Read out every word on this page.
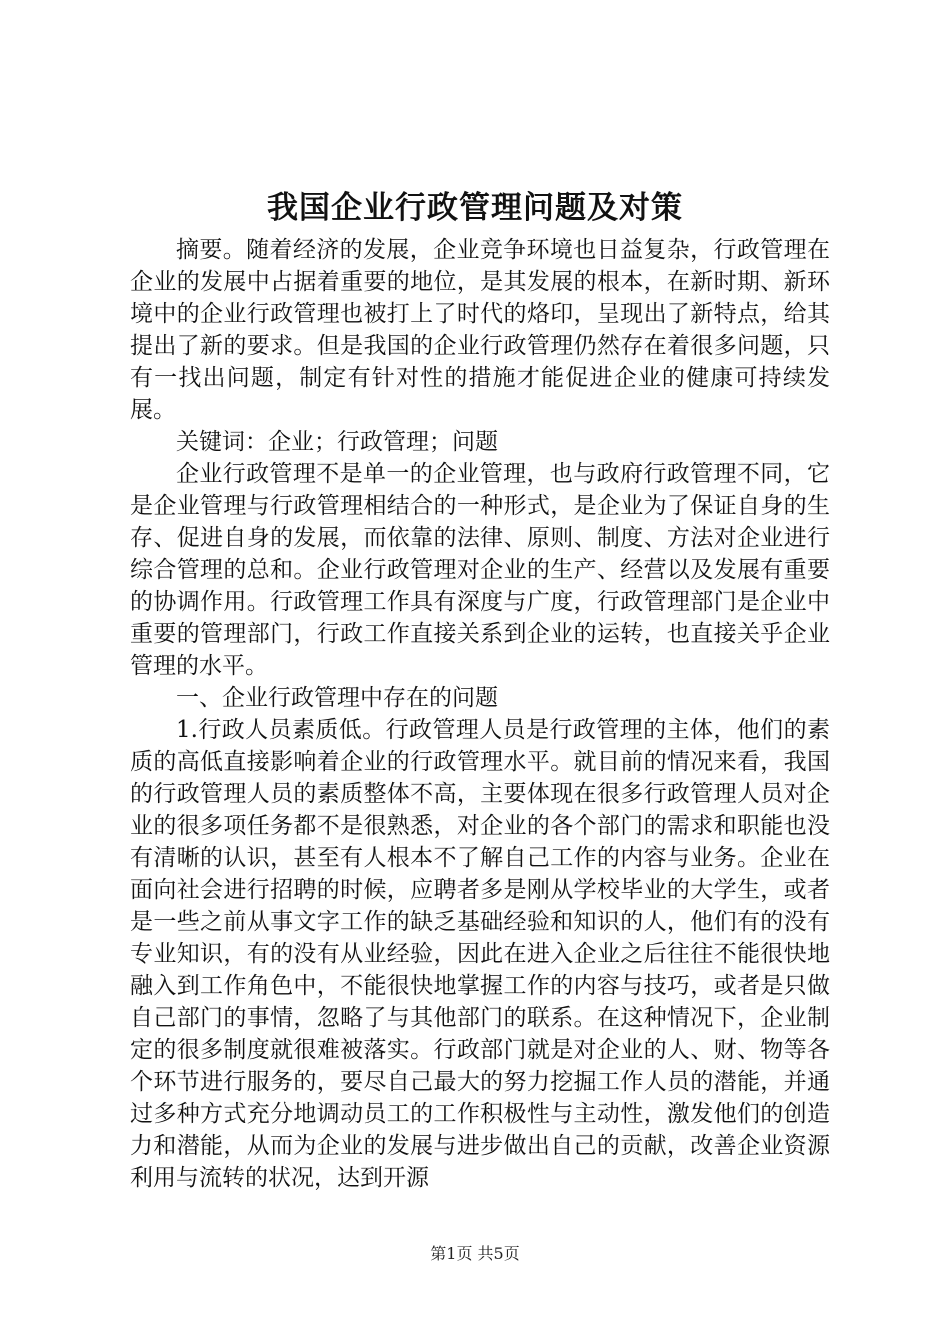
我国企业行政管理问题及对策

摘要。随着经济的发展，企业竞争环境也日益复杂，行政管理在企业的发展中占据着重要的地位，是其发展的根本，在新时期、新环境中的企业行政管理也被打上了时代的烙印，呈现出了新特点，给其提出了新的要求。但是我国的企业行政管理仍然存在着很多问题，只有一找出问题，制定有针对性的措施才能促进企业的健康可持续发展。

关键词：企业；行政管理；问题

企业行政管理不是单一的企业管理，也与政府行政管理不同，它是企业管理与行政管理相结合的一种形式，是企业为了保证自身的生存、促进自身的发展，而依靠的法律、原则、制度、方法对企业进行综合管理的总和。企业行政管理对企业的生产、经营以及发展有重要的协调作用。行政管理工作具有深度与广度，行政管理部门是企业中重要的管理部门，行政工作直接关系到企业的运转，也直接关乎企业管理的水平。

一、企业行政管理中存在的问题

1.行政人员素质低。行政管理人员是行政管理的主体，他们的素质的高低直接影响着企业的行政管理水平。就目前的情况来看，我国的行政管理人员的素质整体不高，主要体现在很多行政管理人员对企业的很多项任务都不是很熟悉，对企业的各个部门的需求和职能也没有清晰的认识，甚至有人根本不了解自己工作的内容与业务。企业在面向社会进行招聘的时候，应聘者多是刚从学校毕业的大学生，或者是一些之前从事文字工作的缺乏基础经验和知识的人，他们有的没有专业知识，有的没有从业经验，因此在进入企业之后往往不能很快地融入到工作角色中，不能很快地掌握工作的内容与技巧，或者是只做自己部门的事情，忽略了与其他部门的联系。在这种情况下，企业制定的很多制度就很难被落实。行政部门就是对企业的人、财、物等各个环节进行服务的，要尽自己最大的努力挖掘工作人员的潜能，并通过多种方式充分地调动员工的工作积极性与主动性，激发他们的创造力和潜能，从而为企业的发展与进步做出自己的贡献，改善企业资源利用与流转的状况，达到开源

第1页 共5页
